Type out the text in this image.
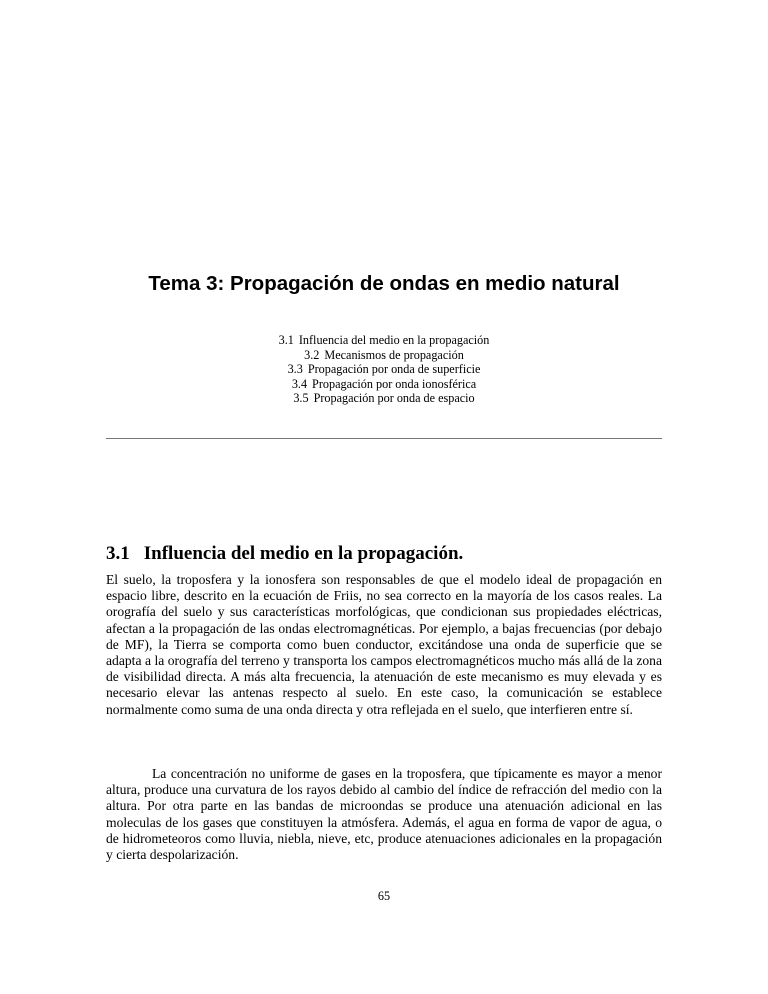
Tema 3: Propagación de ondas en medio natural
3.1 Influencia del medio en la propagación
3.2 Mecanismos de propagación
3.3 Propagación por onda de superficie
3.4 Propagación por onda ionosférica
3.5 Propagación por onda de espacio
3.1 Influencia del medio en la propagación.

El suelo, la troposfera y la ionosfera son responsables de que el modelo ideal de propagación en espacio libre, descrito en la ecuación de Friis, no sea correcto en la mayoría de los casos reales. La orografía del suelo y sus características morfológicas, que condicionan sus propiedades eléctricas, afectan a la propagación de las ondas electromagnéticas. Por ejemplo, a bajas frecuencias (por debajo de MF), la Tierra se comporta como buen conductor, excitándose una onda de superficie que se adapta a la orografía del terreno y transporta los campos electromagnéticos mucho más allá de la zona de visibilidad directa. A más alta frecuencia, la atenuación de este mecanismo es muy elevada y es necesario elevar las antenas respecto al suelo. En este caso, la comunicación se establece normalmente como suma de una onda directa y otra reflejada en el suelo, que interfieren entre sí.

La concentración no uniforme de gases en la troposfera, que típicamente es mayor a menor altura, produce una curvatura de los rayos debido al cambio del índice de refracción del medio con la altura. Por otra parte en las bandas de microondas se produce una atenuación adicional en las moleculas de los gases que constituyen la atmósfera. Además, el agua en forma de vapor de agua, o de hidrometeoros como lluvia, niebla, nieve, etc, produce atenuaciones adicionales en la propagación y cierta despolarización.

65
